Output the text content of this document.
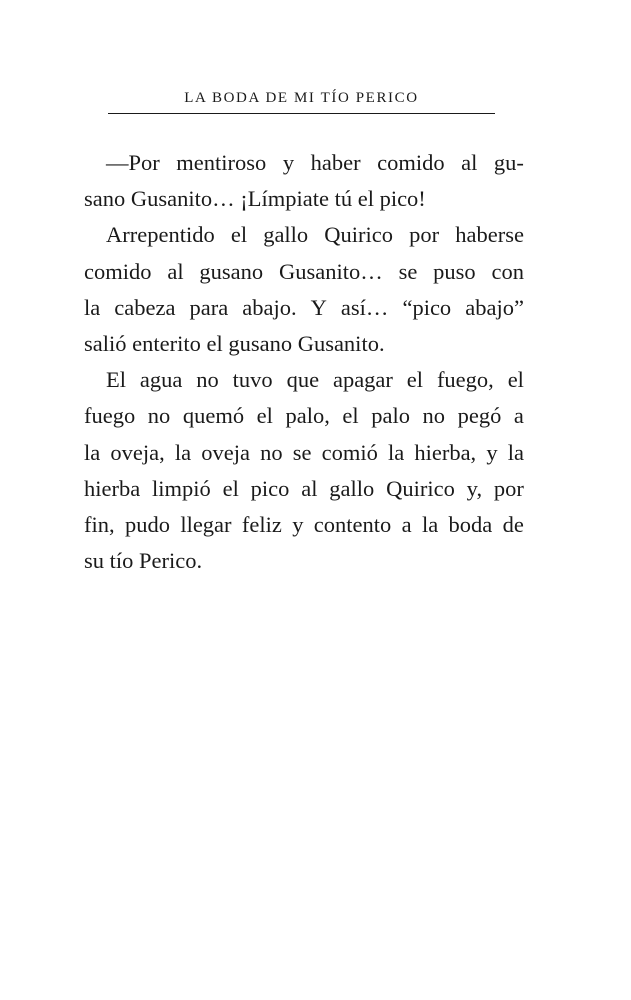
LA BODA DE MI TÍO PERICO
—Por mentiroso y haber comido al gu-
sano Gusanito… ¡Límpiate tú el pico!
Arrepentido el gallo Quirico por haberse
comido al gusano Gusanito… se puso con
la cabeza para abajo. Y así… “pico abajo”
salió enterito el gusano Gusanito.
El agua no tuvo que apagar el fuego, el
fuego no quemó el palo, el palo no pegó a
la oveja, la oveja no se comió la hierba, y la
hierba limpió el pico al gallo Quirico y, por
fin, pudo llegar feliz y contento a la boda de
su tío Perico.
